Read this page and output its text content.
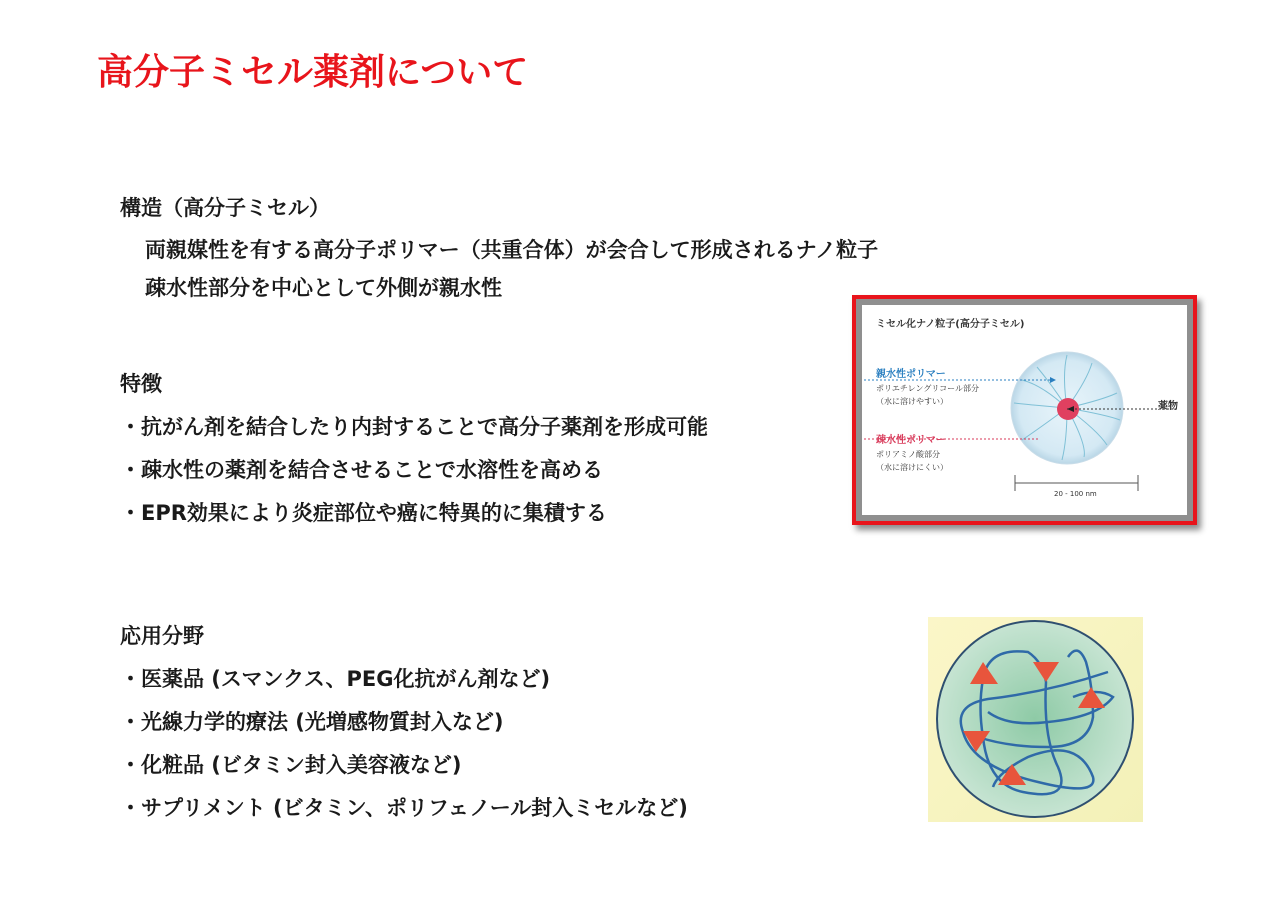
高分子ミセル薬剤について
構造（高分子ミセル）
両親媒性を有する高分子ポリマー（共重合体）が会合して形成されるナノ粒子
疎水性部分を中心として外側が親水性
特徴
・抗がん剤を結合したり内封することで高分子薬剤を形成可能
・疎水性の薬剤を結合させることで水溶性を高める
・EPR効果により炎症部位や癌に特異的に集積する
応用分野
・医薬品 (スマンクス、PEG化抗がん剤など)
・光線力学的療法 (光増感物質封入など)
・化粧品 (ビタミン封入美容液など)
・サプリメント (ビタミン、ポリフェノール封入ミセルなど)
ミセル化ナノ粒子(高分子ミセル)
親水性ポリマー
ポリエチレングリコール部分
（水に溶けやすい）
疎水性ポリマー
ポリアミノ酸部分
（水に溶けにくい）
薬物
20 - 100 nm
